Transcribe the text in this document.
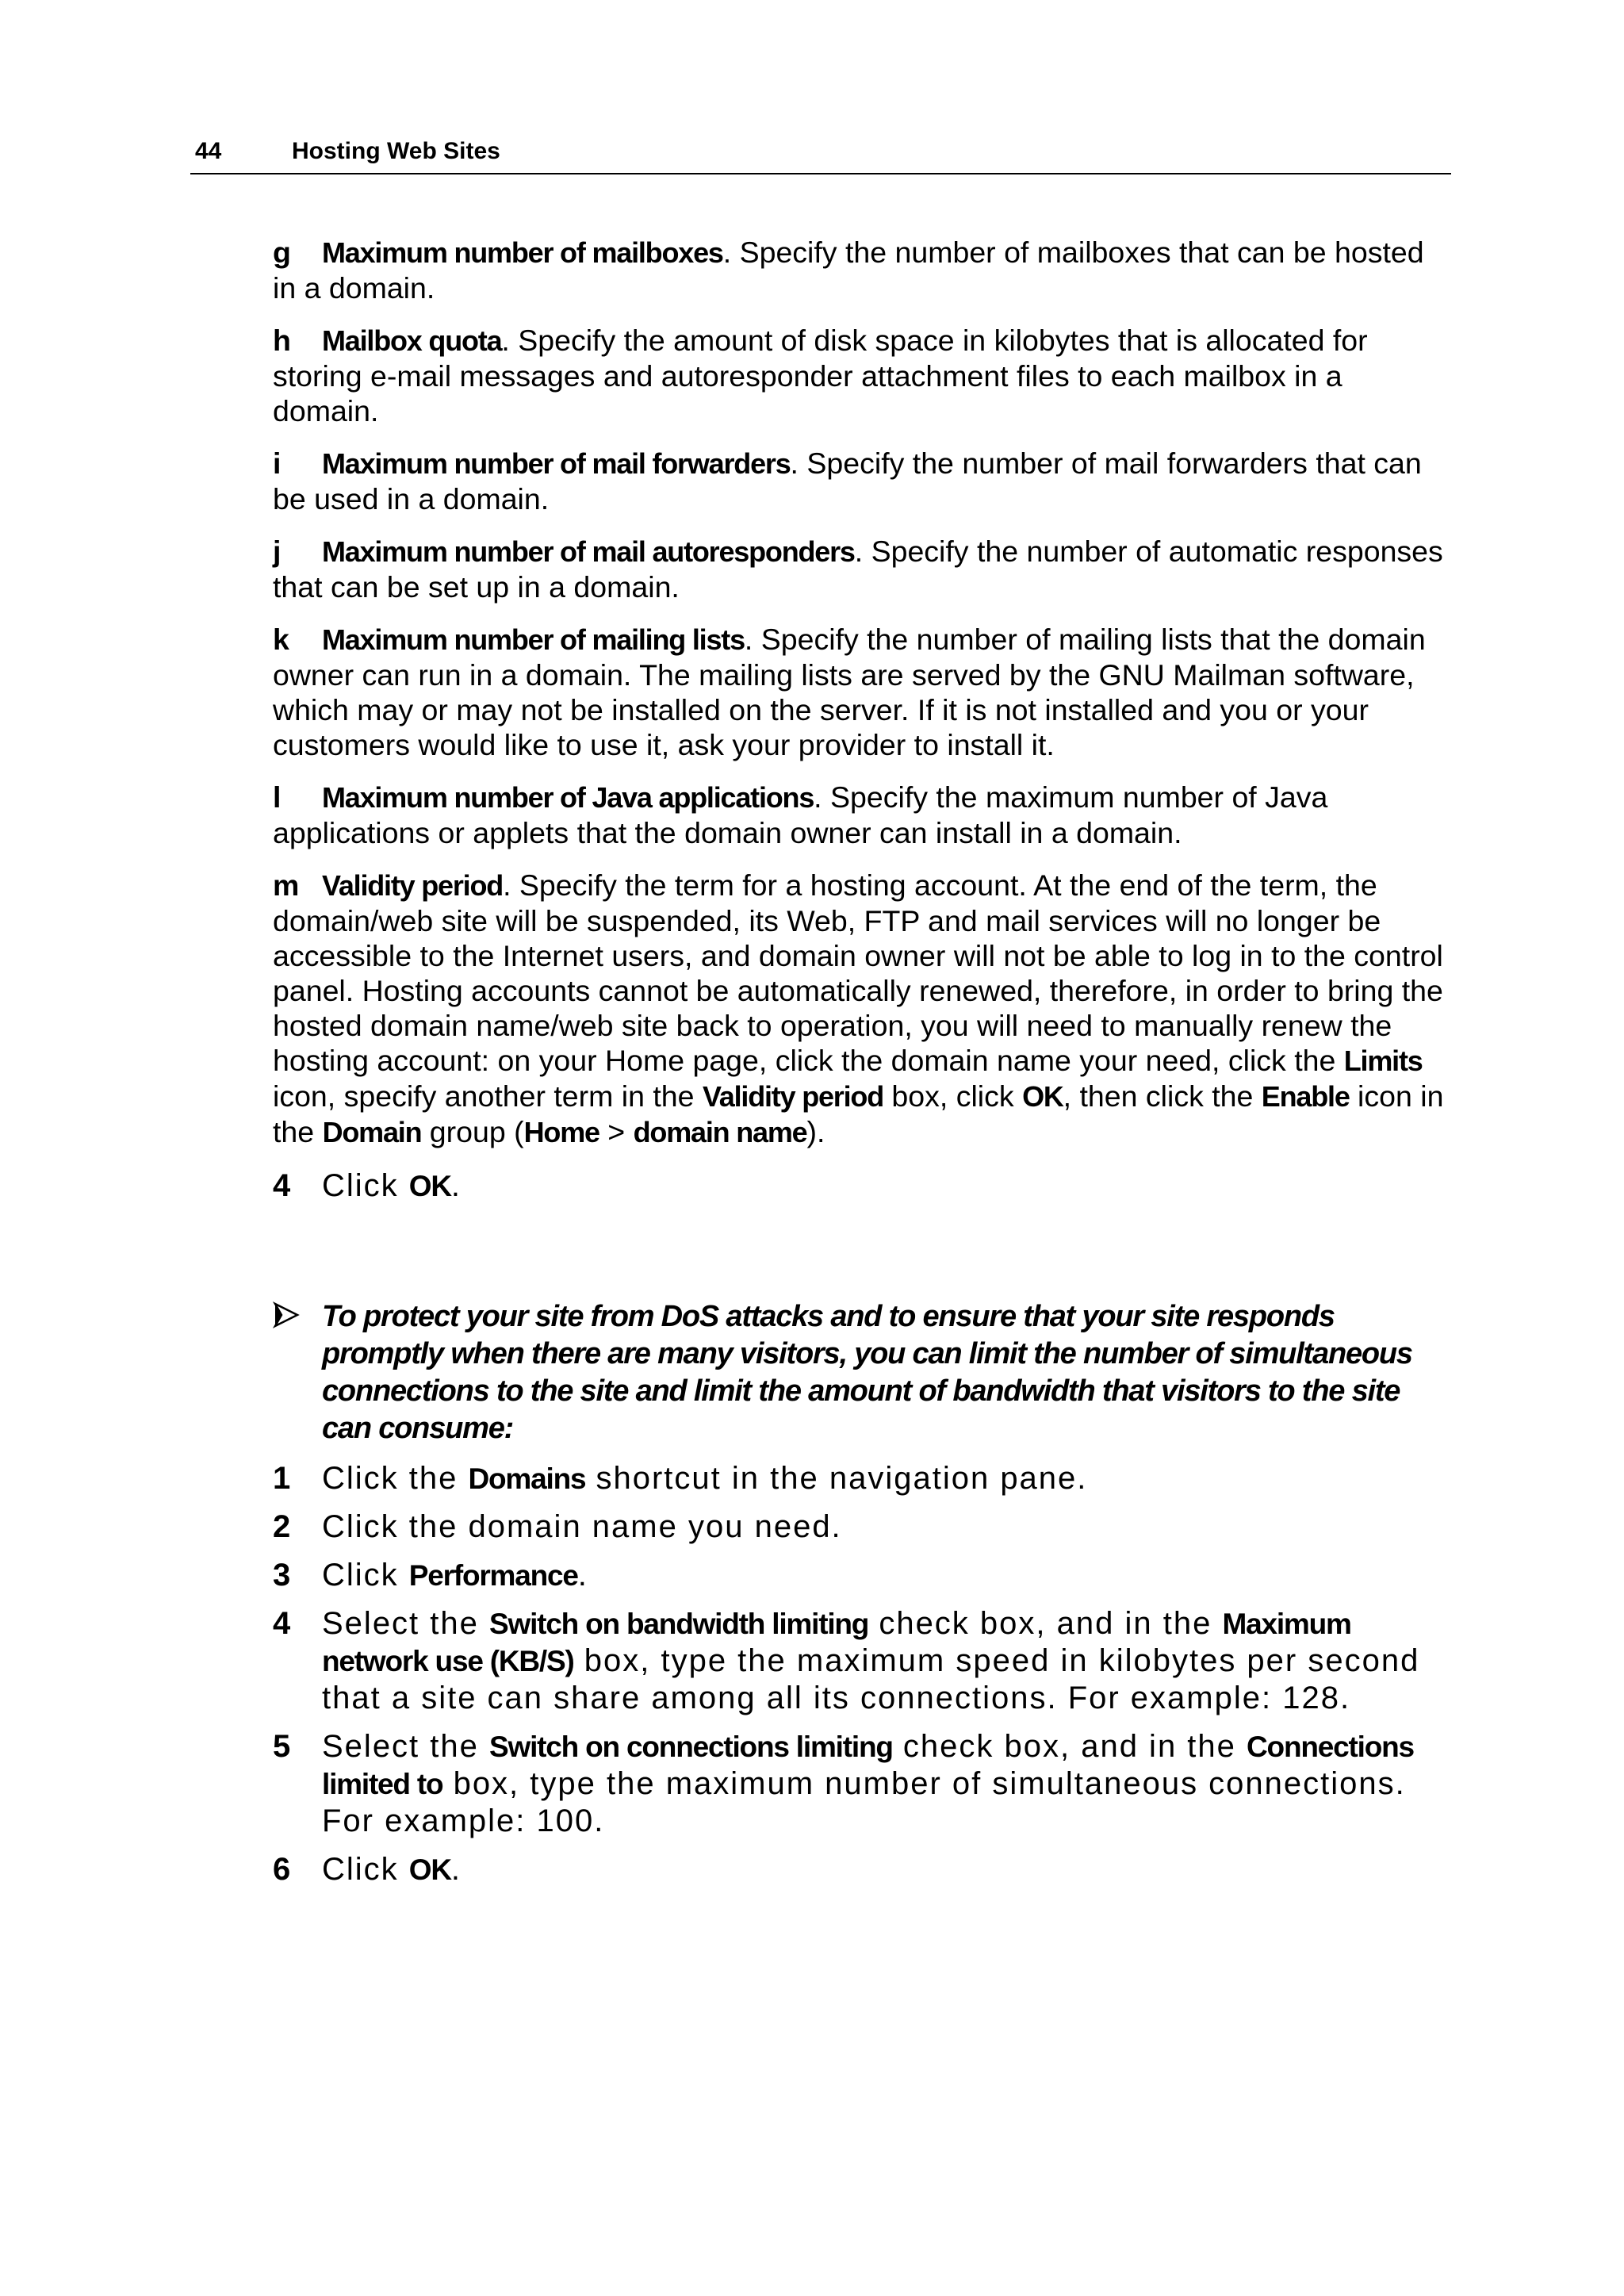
44	Hosting Web Sites
g Maximum number of mailboxes. Specify the number of mailboxes that can be hosted in a domain.
h Mailbox quota. Specify the amount of disk space in kilobytes that is allocated for storing e-mail messages and autoresponder attachment files to each mailbox in a domain.
i Maximum number of mail forwarders. Specify the number of mail forwarders that can be used in a domain.
j Maximum number of mail autoresponders. Specify the number of automatic responses that can be set up in a domain.
k Maximum number of mailing lists. Specify the number of mailing lists that the domain owner can run in a domain. The mailing lists are served by the GNU Mailman software, which may or may not be installed on the server. If it is not installed and you or your customers would like to use it, ask your provider to install it.
l Maximum number of Java applications. Specify the maximum number of Java applications or applets that the domain owner can install in a domain.
m Validity period. Specify the term for a hosting account. At the end of the term, the domain/web site will be suspended, its Web, FTP and mail services will no longer be accessible to the Internet users, and domain owner will not be able to log in to the control panel. Hosting accounts cannot be automatically renewed, therefore, in order to bring the hosted domain name/web site back to operation, you will need to manually renew the hosting account: on your Home page, click the domain name your need, click the Limits icon, specify another term in the Validity period box, click OK, then click the Enable icon in the Domain group (Home > domain name).
4 Click OK.
To protect your site from DoS attacks and to ensure that your site responds promptly when there are many visitors, you can limit the number of simultaneous connections to the site and limit the amount of bandwidth that visitors to the site can consume:
1 Click the Domains shortcut in the navigation pane.
2 Click the domain name you need.
3 Click Performance.
4 Select the Switch on bandwidth limiting check box, and in the Maximum network use (KB/S) box, type the maximum speed in kilobytes per second that a site can share among all its connections. For example: 128.
5 Select the Switch on connections limiting check box, and in the Connections limited to box, type the maximum number of simultaneous connections. For example: 100.
6 Click OK.
